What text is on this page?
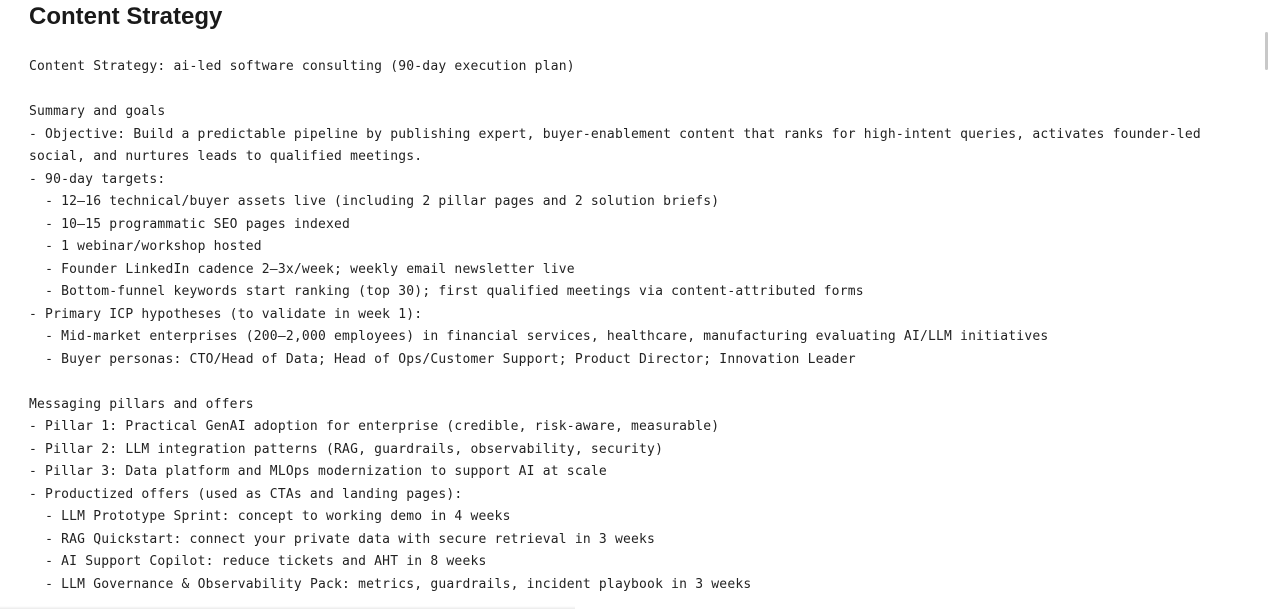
Content Strategy
Content Strategy: ai-led software consulting (90-day execution plan)

Summary and goals
- Objective: Build a predictable pipeline by publishing expert, buyer-enablement content that ranks for high-intent queries, activates founder-led social, and nurtures leads to qualified meetings.
- 90-day targets:
- 12–16 technical/buyer assets live (including 2 pillar pages and 2 solution briefs)
- 10–15 programmatic SEO pages indexed
- 1 webinar/workshop hosted
- Founder LinkedIn cadence 2–3x/week; weekly email newsletter live
- Bottom-funnel keywords start ranking (top 30); first qualified meetings via content-attributed forms
- Primary ICP hypotheses (to validate in week 1):
- Mid-market enterprises (200–2,000 employees) in financial services, healthcare, manufacturing evaluating AI/LLM initiatives
- Buyer personas: CTO/Head of Data; Head of Ops/Customer Support; Product Director; Innovation Leader

Messaging pillars and offers
- Pillar 1: Practical GenAI adoption for enterprise (credible, risk-aware, measurable)
- Pillar 2: LLM integration patterns (RAG, guardrails, observability, security)
- Pillar 3: Data platform and MLOps modernization to support AI at scale
- Productized offers (used as CTAs and landing pages):
- LLM Prototype Sprint: concept to working demo in 4 weeks
- RAG Quickstart: connect your private data with secure retrieval in 3 weeks
- AI Support Copilot: reduce tickets and AHT in 8 weeks
- LLM Governance & Observability Pack: metrics, guardrails, incident playbook in 3 weeks
